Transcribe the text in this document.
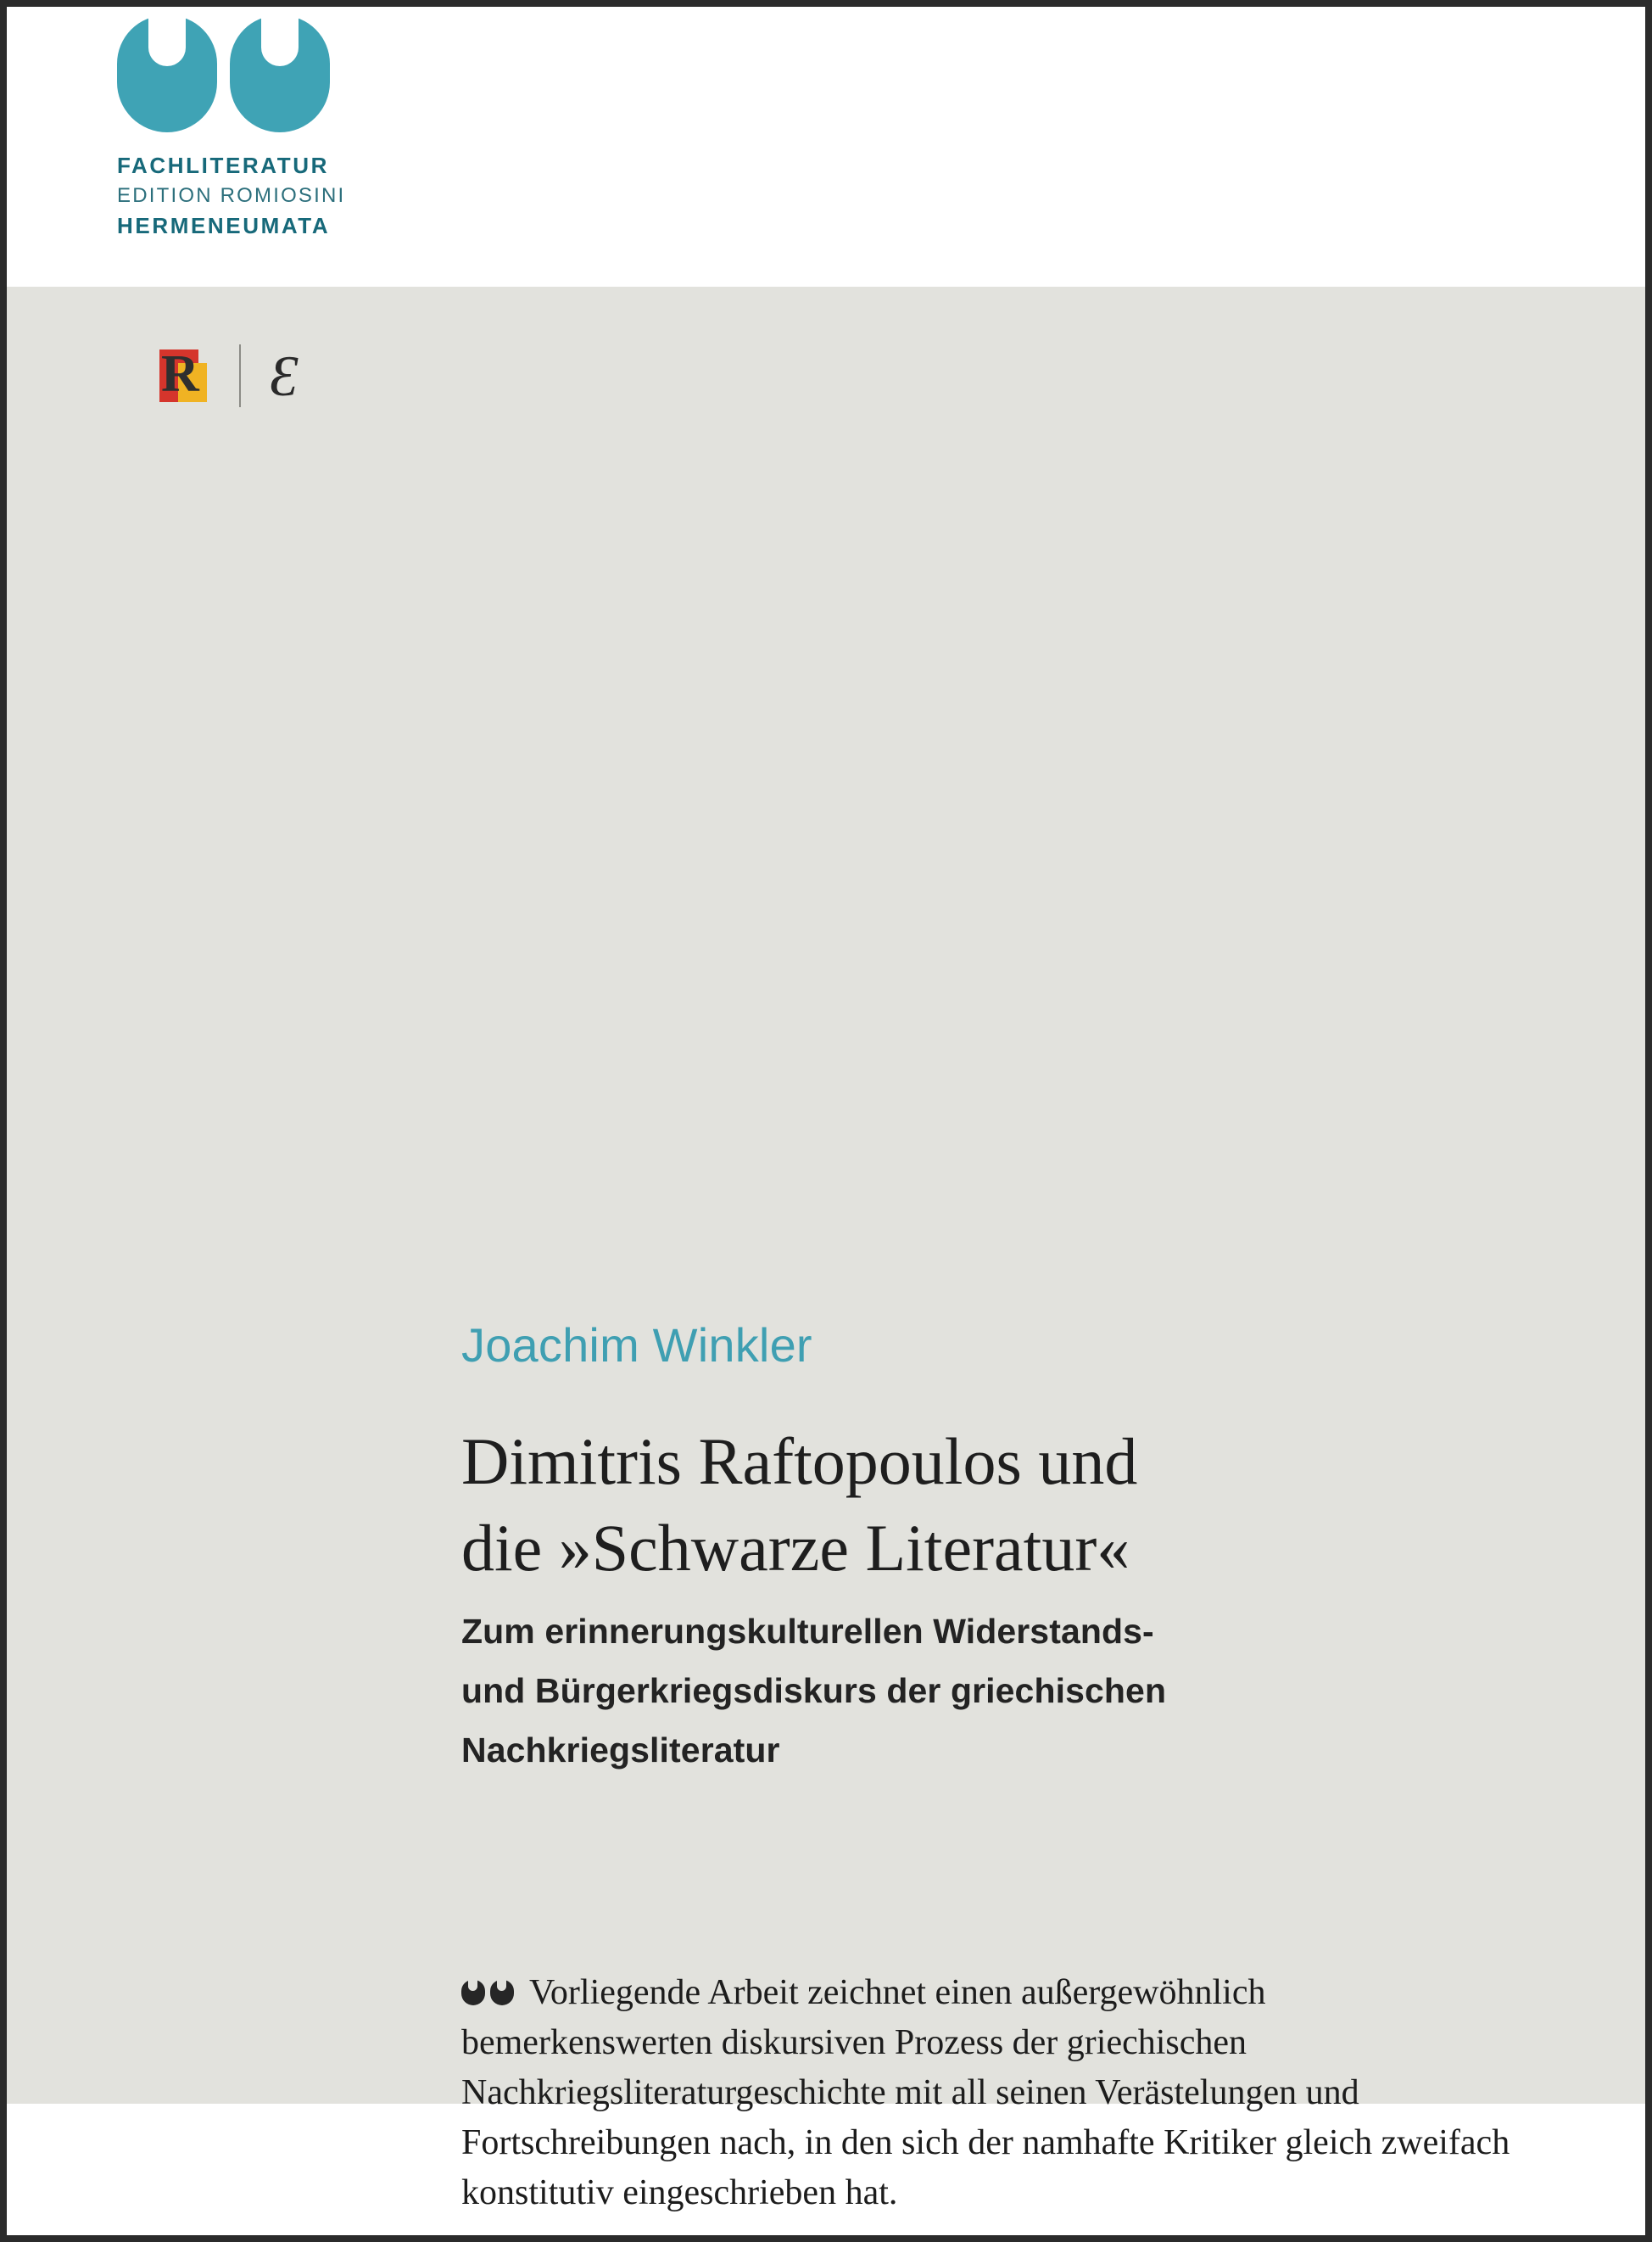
FACHLITERATUR
EDITION ROMIOSINI
HERMENEUMATA
R Ɛ
Joachim Winkler
Dimitris Raftopoulos und
die »Schwarze Literatur«
Zum erinnerungskulturellen Widerstands-
und Bürgerkriegsdiskurs der griechischen
Nachkriegsliteratur

Vorliegende Arbeit zeichnet einen außergewöhnlich bemerkenswerten diskursiven Prozess der griechischen Nachkriegsliteraturgeschichte mit all seinen Verästelungen und Fortschreibungen nach, in den sich der namhafte Kritiker gleich zweifach konstitutiv eingeschrieben hat.
